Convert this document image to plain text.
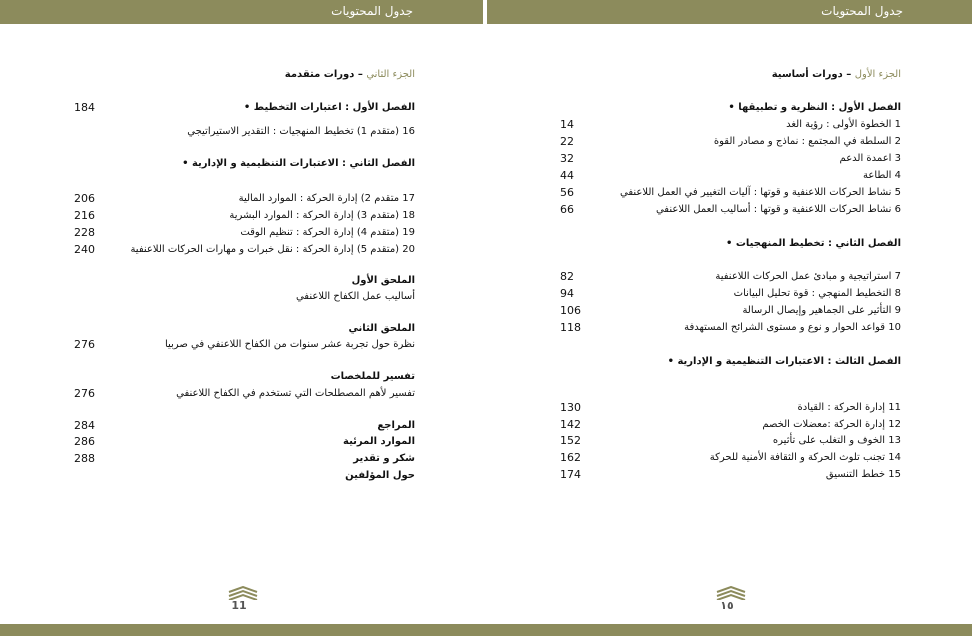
جدول المحتويات	جدول المحتويات
الجزء الثاني – دورات متقدمة
الفصل الأول : اعتبارات التخطيط •
184
16 (متقدم 1) تخطيط المنهجيات : التقدير الاستيراتيجي
الفصل الثاني : الاعتبارات التنظيمية و الإدارية •
17 متقدم 2) إدارة الحركة : الموارد المالية
206
18 (متقدم 3) إدارة الحركة : الموارد البشرية
216
19 (متقدم 4) إدارة الحركة : تنظيم الوقت
228
20 (متقدم 5) إدارة الحركة : نقل خبرات و مهارات الحركات اللاعنفية
240
الملحق الأول
أساليب عمل الكفاح اللاعنفي
الملحق الثاني
نظرة حول تجربة عشر سنوات من الكفاح اللاعنفي في صربيا
276
تفسير للملخصات
تفسير لأهم المصطلحات التي تستخدم في الكفاح اللاعنفي
276
المراجع
284
الموارد المرئية
286
شكر و تقدير
288
حول المؤلفين
11
الجزء الأول – دورات أساسية
الفصل الأول : النظرية و تطبيقها •
1 الخطوة الأولى : رؤية الغد
14
2 السلطة في المجتمع : نماذج و مصادر القوة
22
3 اعمدة الدعم
32
4 الطاعة
44
5 نشاط الحركات اللاعنفية و قوتها : آليات التغيير في العمل اللاعنفي
56
6 نشاط الحركات اللاعنفية و قوتها : أساليب العمل اللاعنفي
66
الفصل الثاني : تخطيط المنهجيات •
7 استراتيجية و مبادئ عمل الحركات اللاعنفية
82
8 التخطيط المنهجي : قوة تحليل البيانات
94
9 التأثير على الجماهير وإيصال الرسالة
106
10 قواعد الحوار و نوع و مستوى الشرائح المستهدفة
118
الفصل الثالث : الاعتبارات التنظيمية و الإدارية •
11 إدارة الحركة : القيادة
130
12 إدارة الحركة :معضلات الخصم
142
13 الخوف و التغلب على تأثيره
152
14 تجنب تلوث الحركة و الثقافة الأمنية للحركة
162
15 خطط التنسيق
174
١٥
